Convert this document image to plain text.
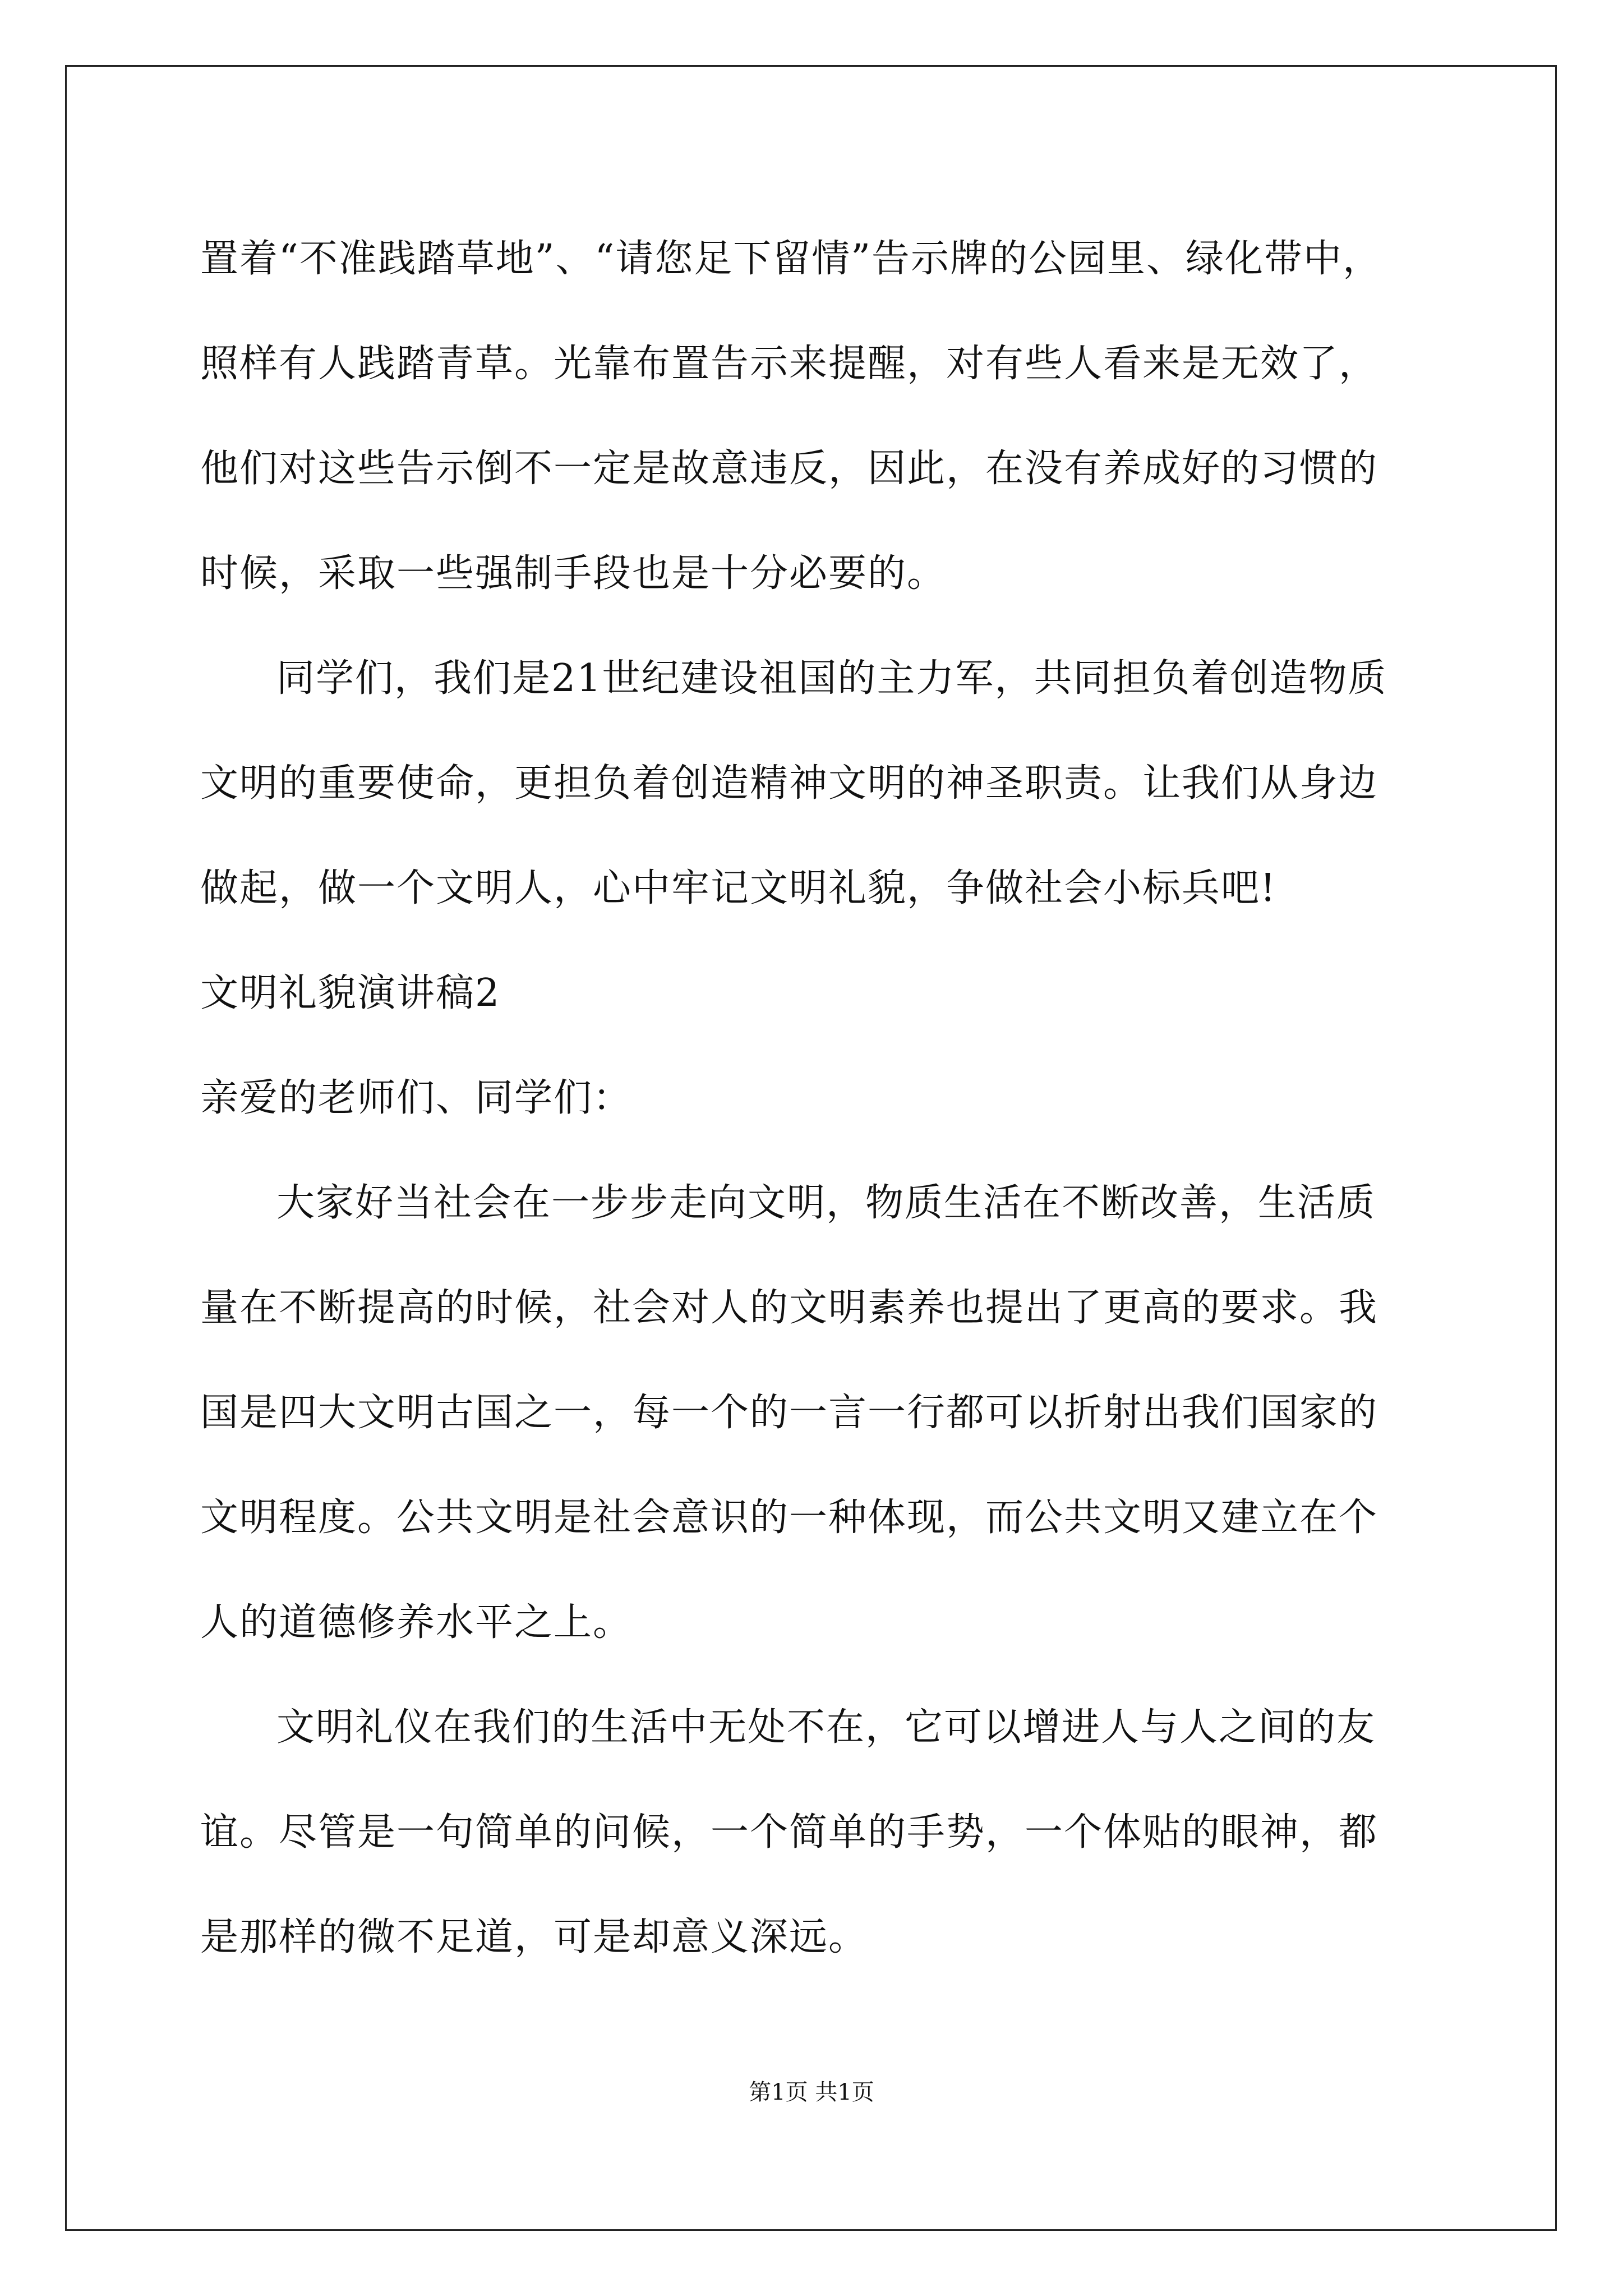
置着“不准践踏草地”、“请您足下留情”告示牌的公园里、绿化带中，
照样有人践踏青草。光靠布置告示来提醒，对有些人看来是无效了，
他们对这些告示倒不一定是故意违反，因此，在没有养成好的习惯的
时候，采取一些强制手段也是十分必要的。
同学们，我们是21世纪建设祖国的主力军，共同担负着创造物质
文明的重要使命，更担负着创造精神文明的神圣职责。让我们从身边
做起，做一个文明人，心中牢记文明礼貌，争做社会小标兵吧!
文明礼貌演讲稿2
亲爱的老师们、同学们：
大家好当社会在一步步走向文明，物质生活在不断改善，生活质
量在不断提高的时候，社会对人的文明素养也提出了更高的要求。我
国是四大文明古国之一，每一个的一言一行都可以折射出我们国家的
文明程度。公共文明是社会意识的一种体现，而公共文明又建立在个
人的道德修养水平之上。
文明礼仪在我们的生活中无处不在，它可以增进人与人之间的友
谊。尽管是一句简单的问候，一个简单的手势，一个体贴的眼神，都
是那样的微不足道，可是却意义深远。
第1页 共1页
